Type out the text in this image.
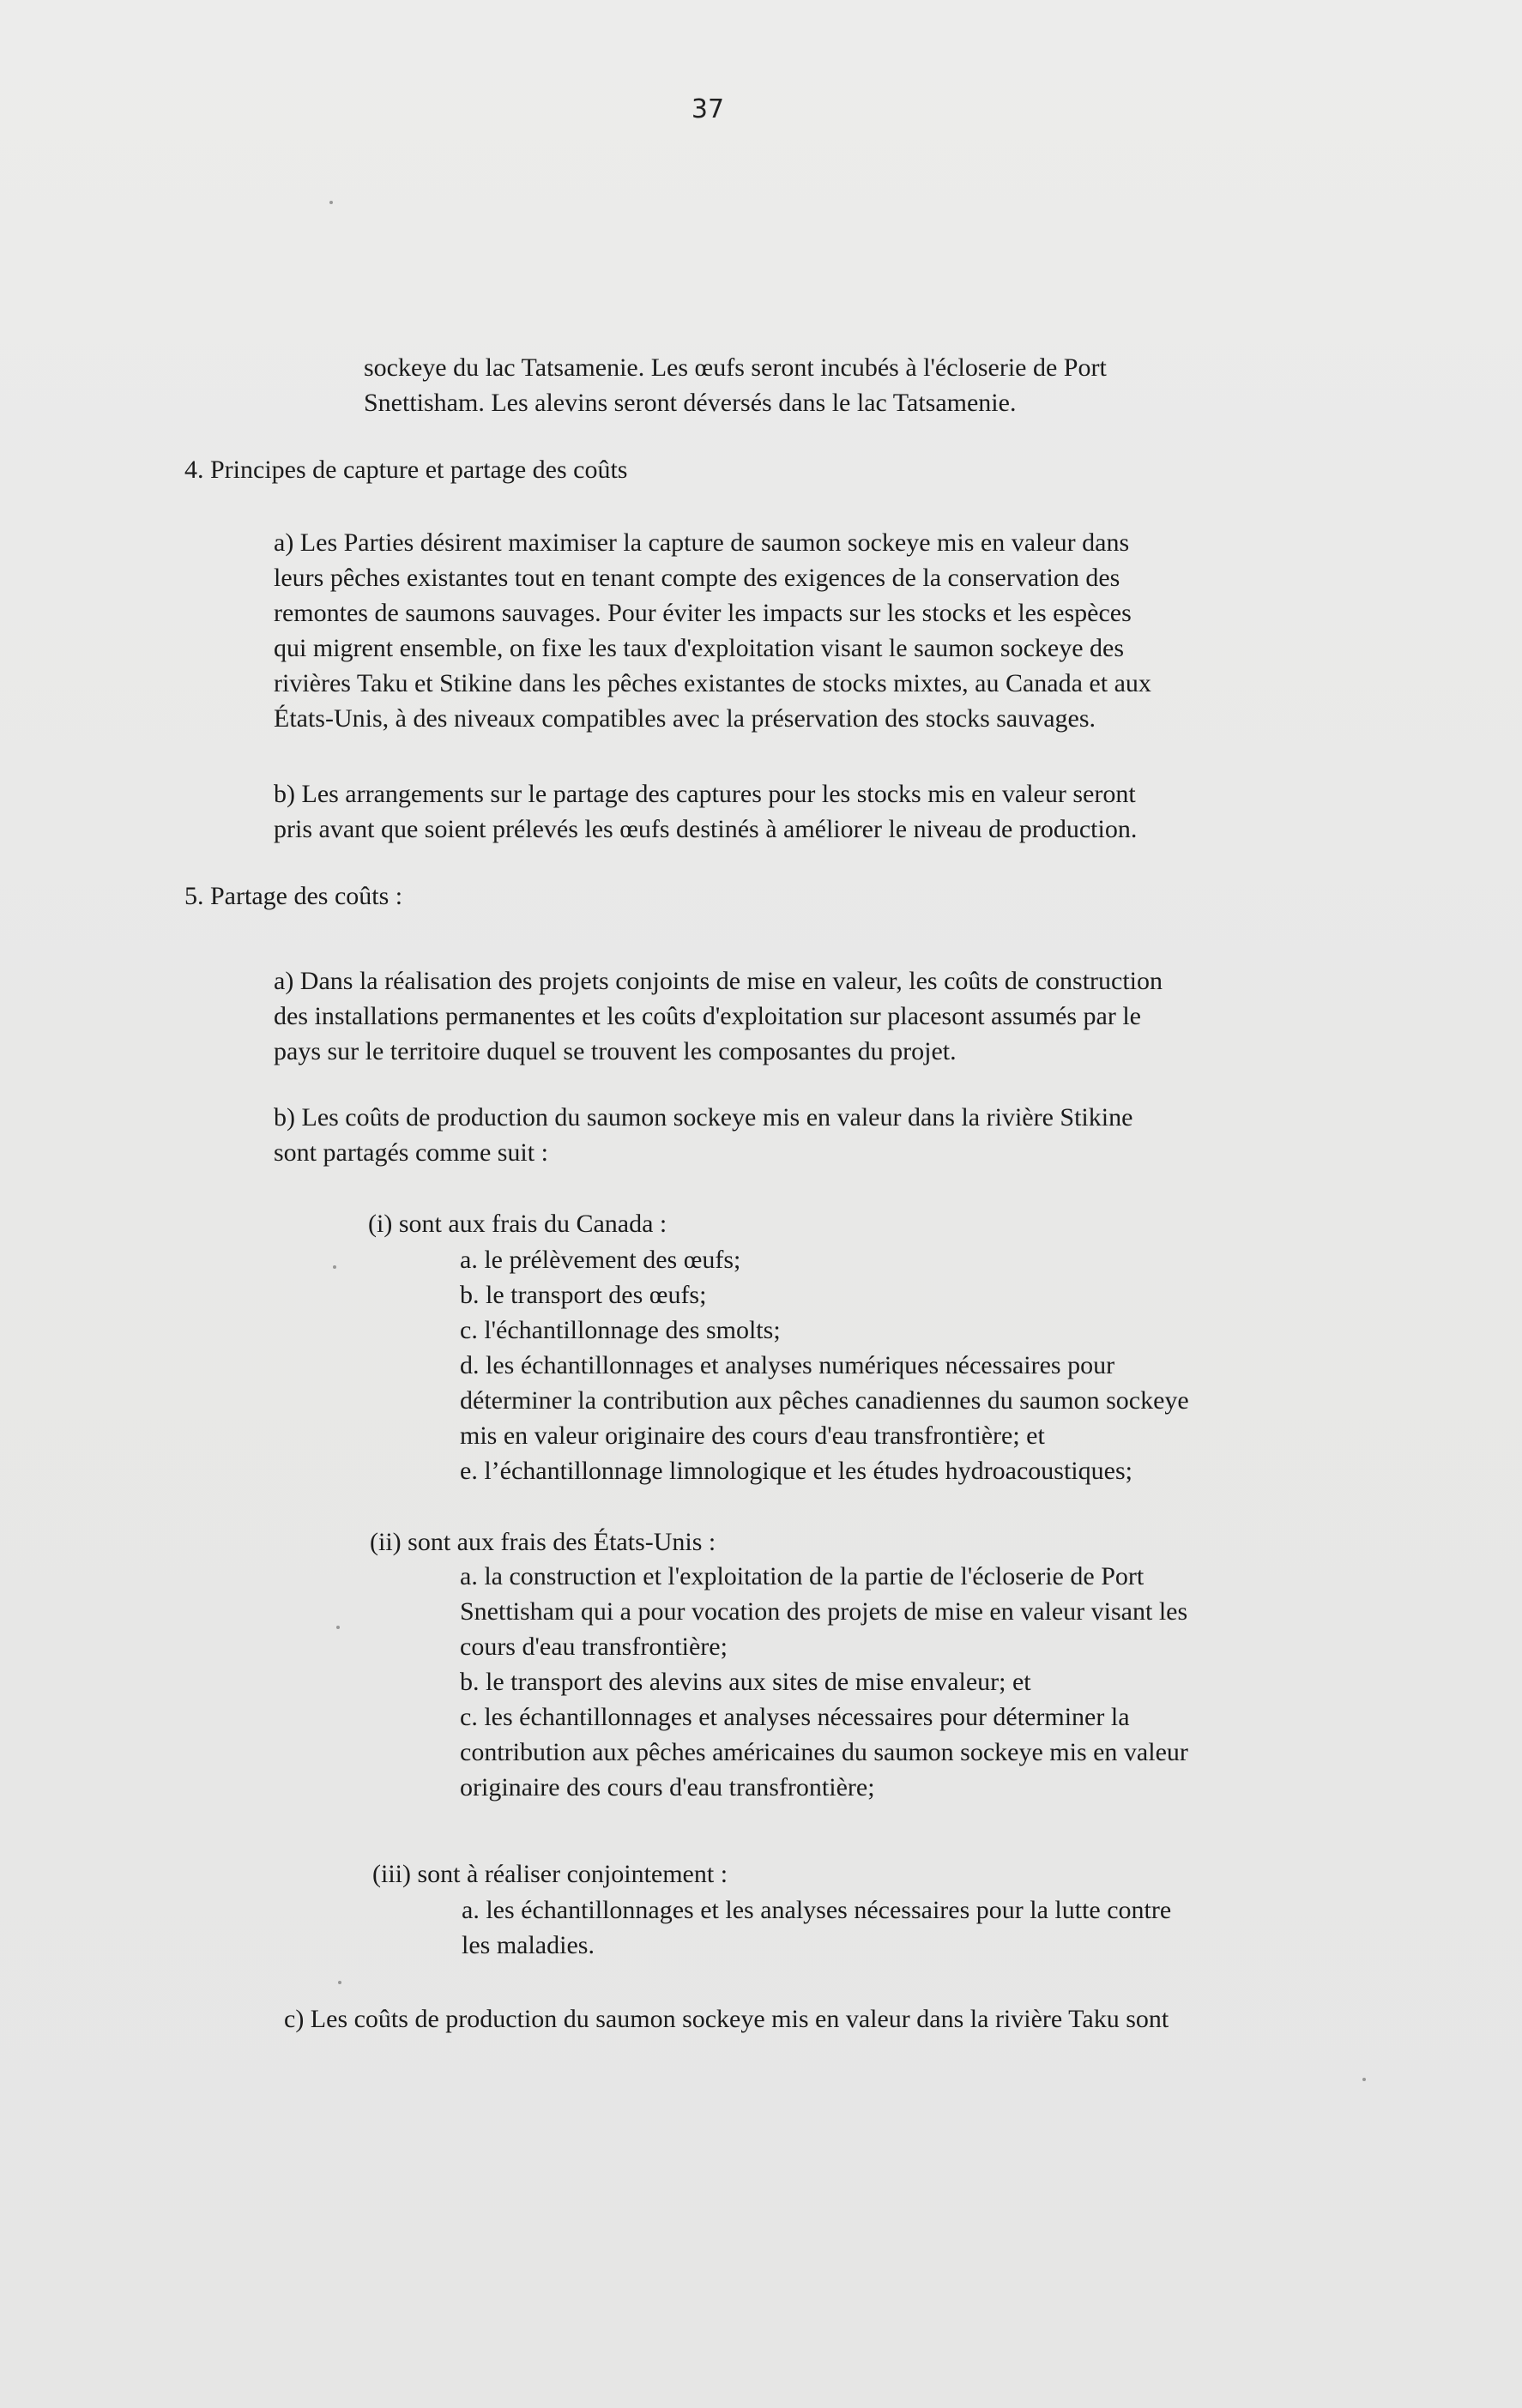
37
sockeye du lac Tatsamenie. Les œufs seront incubés à l'écloserie de Port
Snettisham. Les alevins seront déversés dans le lac Tatsamenie.
4. Principes de capture et partage des coûts
a) Les Parties désirent maximiser la capture de saumon sockeye mis en valeur dans
leurs pêches existantes tout en tenant compte des exigences de la conservation des
remontes de saumons sauvages. Pour éviter les impacts sur les stocks et les espèces
qui migrent ensemble, on fixe les taux d'exploitation visant le saumon sockeye des
rivières Taku et Stikine dans les pêches existantes de stocks mixtes, au Canada et aux
États-Unis, à des niveaux compatibles avec la préservation des stocks sauvages.
b) Les arrangements sur le partage des captures pour les stocks mis en valeur seront
pris avant que soient prélevés les œufs destinés à améliorer le niveau de production.
5. Partage des coûts :
a) Dans la réalisation des projets conjoints de mise en valeur, les coûts de construction
des installations permanentes et les coûts d'exploitation sur placesont assumés par le
pays sur le territoire duquel se trouvent les composantes du projet.
b) Les coûts de production du saumon sockeye mis en valeur dans la rivière Stikine
sont partagés comme suit :
(i) sont aux frais du Canada :
a. le prélèvement des œufs;
b. le transport des œufs;
c. l'échantillonnage des smolts;
d. les échantillonnages et analyses numériques nécessaires pour
déterminer la contribution aux pêches canadiennes du saumon sockeye
mis en valeur originaire des cours d'eau transfrontière; et
e. l’échantillonnage limnologique et les études hydroacoustiques;
(ii) sont aux frais des États-Unis :
a. la construction et l'exploitation de la partie de l'écloserie de Port
Snettisham qui a pour vocation des projets de mise en valeur visant les
cours d'eau transfrontière;
b. le transport des alevins aux sites de mise envaleur; et
c. les échantillonnages et analyses nécessaires pour déterminer la
contribution aux pêches américaines du saumon sockeye mis en valeur
originaire des cours d'eau transfrontière;
(iii) sont à réaliser conjointement :
a. les échantillonnages et les analyses nécessaires pour la lutte contre
les maladies.
c) Les coûts de production du saumon sockeye mis en valeur dans la rivière Taku sont
